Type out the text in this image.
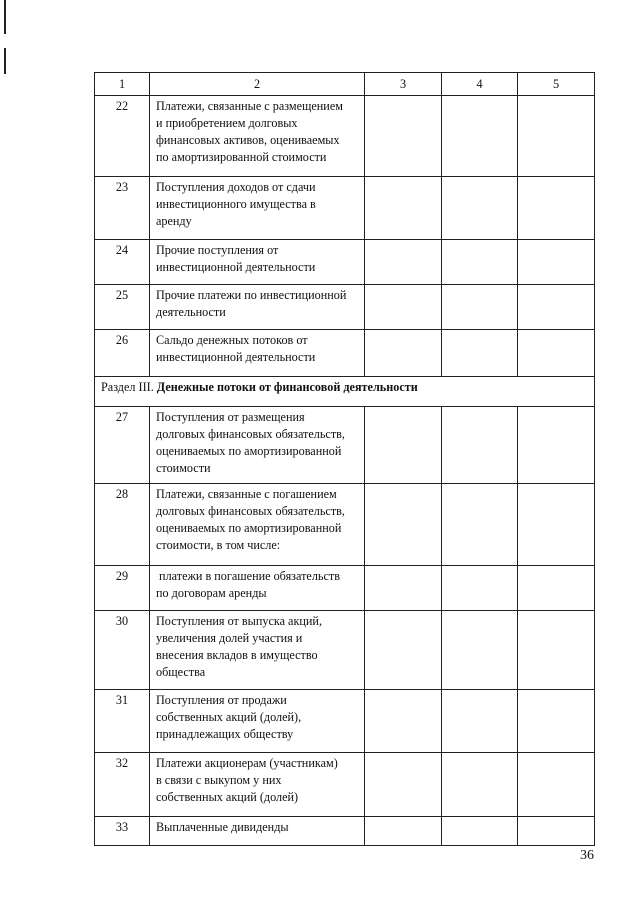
1	2	3	4	5
22	Платежи, связанные с размещением
и приобретением долговых
финансовых активов, оцениваемых
по амортизированной стоимости			

23	Поступления доходов от сдачи
инвестиционного имущества в
аренду			

24	Прочие поступления от
инвестиционной деятельности			

25	Прочие платежи по инвестиционной
деятельности			

26	Сальдо денежных потоков от
инвестиционной деятельности			

Раздел III. Денежные потоки от финансовой деятельности				
27	Поступления от размещения
долговых финансовых обязательств,
оцениваемых по амортизированной
стоимости			

28	Платежи, связанные с погашением
долговых финансовых обязательств,
оцениваемых по амортизированной
стоимости, в том числе:			

29	платежи в погашение обязательств
по договорам аренды			

30	Поступления от выпуска акций,
увеличения долей участия и
внесения вкладов в имущество
общества			

31	Поступления от продажи
собственных акций (долей),
принадлежащих обществу			

32	Платежи акционерам (участникам)
в связи с выкупом у них
собственных акций (долей)			

33	Выплаченные дивиденды			

36
